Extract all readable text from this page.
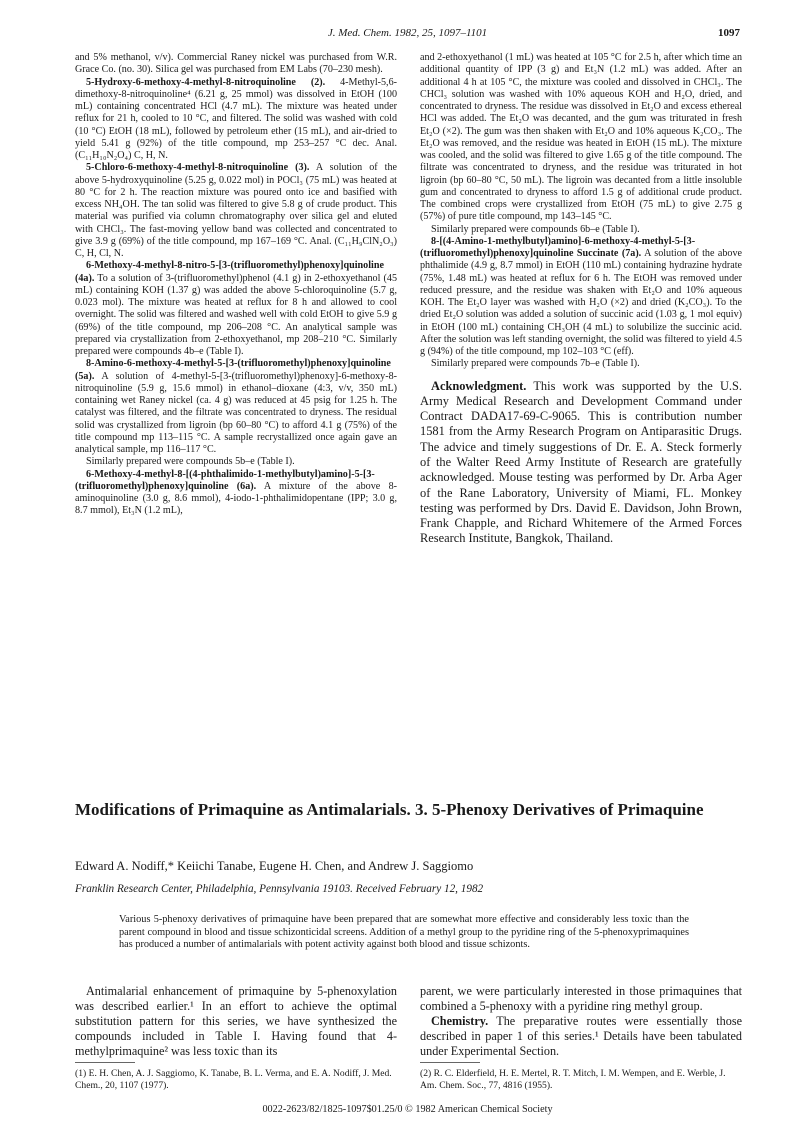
J. Med. Chem. 1982, 25, 1097–1101	1097

and 5% methanol, v/v). Commercial Raney nickel was purchased from W.R. Grace Co. (no. 30). Silica gel was purchased from EM Labs (70–230 mesh).

5-Hydroxy-6-methoxy-4-methyl-8-nitroquinoline (2). 4-Methyl-5,6-dimethoxy-8-nitroquinoline⁴ (6.21 g, 25 mmol) was dissolved in EtOH (100 mL) containing concentrated HCl (4.7 mL). The mixture was heated under reflux for 21 h, cooled to 10 °C, and filtered. The solid was washed with cold (10 °C) EtOH (18 mL), followed by petroleum ether (15 mL), and air-dried to yield 5.41 g (92%) of the title compound, mp 253–257 °C dec. Anal. (C₁₁H₁₀N₂O₄) C, H, N.

5-Chloro-6-methoxy-4-methyl-8-nitroquinoline (3). A solution of the above 5-hydroxyquinoline (5.25 g, 0.022 mol) in POCl₃ (75 mL) was heated at 80 °C for 2 h. The reaction mixture was poured onto ice and basified with excess NH₄OH. The tan solid was filtered to give 5.8 g of crude product. This material was purified via column chromatography over silica gel and eluted with CHCl₃. The fast-moving yellow band was collected and concentrated to give 3.9 g (69%) of the title compound, mp 167–169 °C. Anal. (C₁₁H₉ClN₂O₃) C, H, Cl, N.

6-Methoxy-4-methyl-8-nitro-5-[3-(trifluoromethyl)phenoxy]quinoline (4a). To a solution of 3-(trifluoromethyl)phenol (4.1 g) in 2-ethoxyethanol (45 mL) containing KOH (1.37 g) was added the above 5-chloroquinoline (5.7 g, 0.023 mol). The mixture was heated at reflux for 8 h and allowed to cool overnight. The solid was filtered and washed well with cold EtOH to give 5.9 g (69%) of the title compound, mp 206–208 °C. An analytical sample was prepared via crystallization from 2-ethoxyethanol, mp 208–210 °C. Similarly prepared were compounds 4b–e (Table I).

8-Amino-6-methoxy-4-methyl-5-[3-(trifluoromethyl)phenoxy]quinoline (5a). A solution of 4-methyl-5-[3-(trifluoromethyl)phenoxy]-6-methoxy-8-nitroquinoline (5.9 g, 15.6 mmol) in ethanol–dioxane (4:3, v/v, 350 mL) containing wet Raney nickel (ca. 4 g) was reduced at 45 psig for 1.25 h. The catalyst was filtered, and the filtrate was concentrated to dryness. The residual solid was crystallized from ligroin (bp 60–80 °C) to afford 4.1 g (75%) of the title compound mp 113–115 °C. A sample recrystallized once again gave an analytical sample, mp 116–117 °C.

Similarly prepared were compounds 5b–e (Table I).

6-Methoxy-4-methyl-8-[(4-phthalimido-1-methylbutyl)amino]-5-[3-(trifluoromethyl)phenoxy]quinoline (6a). A mixture of the above 8-aminoquinoline (3.0 g, 8.6 mmol), 4-iodo-1-phthalimidopentane (IPP; 3.0 g, 8.7 mmol), Et₃N (1.2 mL),

and 2-ethoxyethanol (1 mL) was heated at 105 °C for 2.5 h, after which time an additional quantity of IPP (3 g) and Et₃N (1.2 mL) was added. After an additional 4 h at 105 °C, the mixture was cooled and dissolved in CHCl₃. The CHCl₃ solution was washed with 10% aqueous KOH and H₂O, dried, and concentrated to dryness. The residue was dissolved in Et₂O and excess ethereal HCl was added. The Et₂O was decanted, and the gum was triturated in fresh Et₂O (×2). The gum was then shaken with Et₂O and 10% aqueous K₂CO₃. The Et₂O was removed, and the residue was heated in EtOH (15 mL). The mixture was cooled, and the solid was filtered to give 1.65 g of the title compound. The filtrate was concentrated to dryness, and the residue was triturated in hot ligroin (bp 60–80 °C, 50 mL). The ligroin was decanted from a little insoluble gum and concentrated to dryness to afford 1.5 g of additional crude product. The combined crops were crystallized from EtOH (75 mL) to give 2.75 g (57%) of pure title compound, mp 143–145 °C.

Similarly prepared were compounds 6b–e (Table I).

8-[(4-Amino-1-methylbutyl)amino]-6-methoxy-4-methyl-5-[3-(trifluoromethyl)phenoxy]quinoline Succinate (7a). A solution of the above phthalimide (4.9 g, 8.7 mmol) in EtOH (110 mL) containing hydrazine hydrate (75%, 1.48 mL) was heated at reflux for 6 h. The EtOH was removed under reduced pressure, and the residue was shaken with Et₂O and 10% aqueous KOH. The Et₂O layer was washed with H₂O (×2) and dried (K₂CO₃). To the dried Et₂O solution was added a solution of succinic acid (1.03 g, 1 mol equiv) in EtOH (100 mL) containing CH₃OH (4 mL) to solubilize the succinic acid. After the solution was left standing overnight, the solid was filtered to yield 4.5 g (94%) of the title compound, mp 102–103 °C (eff).

Similarly prepared were compounds 7b–e (Table I).

Acknowledgment. This work was supported by the U.S. Army Medical Research and Development Command under Contract DADA17-69-C-9065. This is contribution number 1581 from the Army Research Program on Antiparasitic Drugs. The advice and timely suggestions of Dr. E. A. Steck formerly of the Walter Reed Army Institute of Research are gratefully acknowledged. Mouse testing was performed by Dr. Arba Ager of the Rane Laboratory, University of Miami, FL. Monkey testing was performed by Drs. David E. Davidson, John Brown, Frank Chapple, and Richard Whitemere of the Armed Forces Research Institute, Bangkok, Thailand.

Modifications of Primaquine as Antimalarials. 3. 5-Phenoxy Derivatives of Primaquine
Edward A. Nodiff,* Keiichi Tanabe, Eugene H. Chen, and Andrew J. Saggiomo
Franklin Research Center, Philadelphia, Pennsylvania 19103. Received February 12, 1982
Various 5-phenoxy derivatives of primaquine have been prepared that are somewhat more effective and considerably less toxic than the parent compound in blood and tissue schizonticidal screens. Addition of a methyl group to the pyridine ring of the 5-phenoxyprimaquines has produced a number of antimalarials with potent activity against both blood and tissue schizonts.

Antimalarial enhancement of primaquine by 5-phenoxylation was described earlier.¹ In an effort to achieve the optimal substitution pattern for this series, we have synthesized the compounds included in Table I. Having found that 4-methylprimaquine² was less toxic than its

parent, we were particularly interested in those primaquines that combined a 5-phenoxy with a pyridine ring methyl group.

Chemistry. The preparative routes were essentially those described in paper 1 of this series.¹ Details have been tabulated under Experimental Section.

(1) E. H. Chen, A. J. Saggiomo, K. Tanabe, B. L. Verma, and E. A. Nodiff, J. Med. Chem., 20, 1107 (1977).
(2) R. C. Elderfield, H. E. Mertel, R. T. Mitch, I. M. Wempen, and E. Werble, J. Am. Chem. Soc., 77, 4816 (1955).
0022-2623/82/1825-1097$01.25/0 © 1982 American Chemical Society
